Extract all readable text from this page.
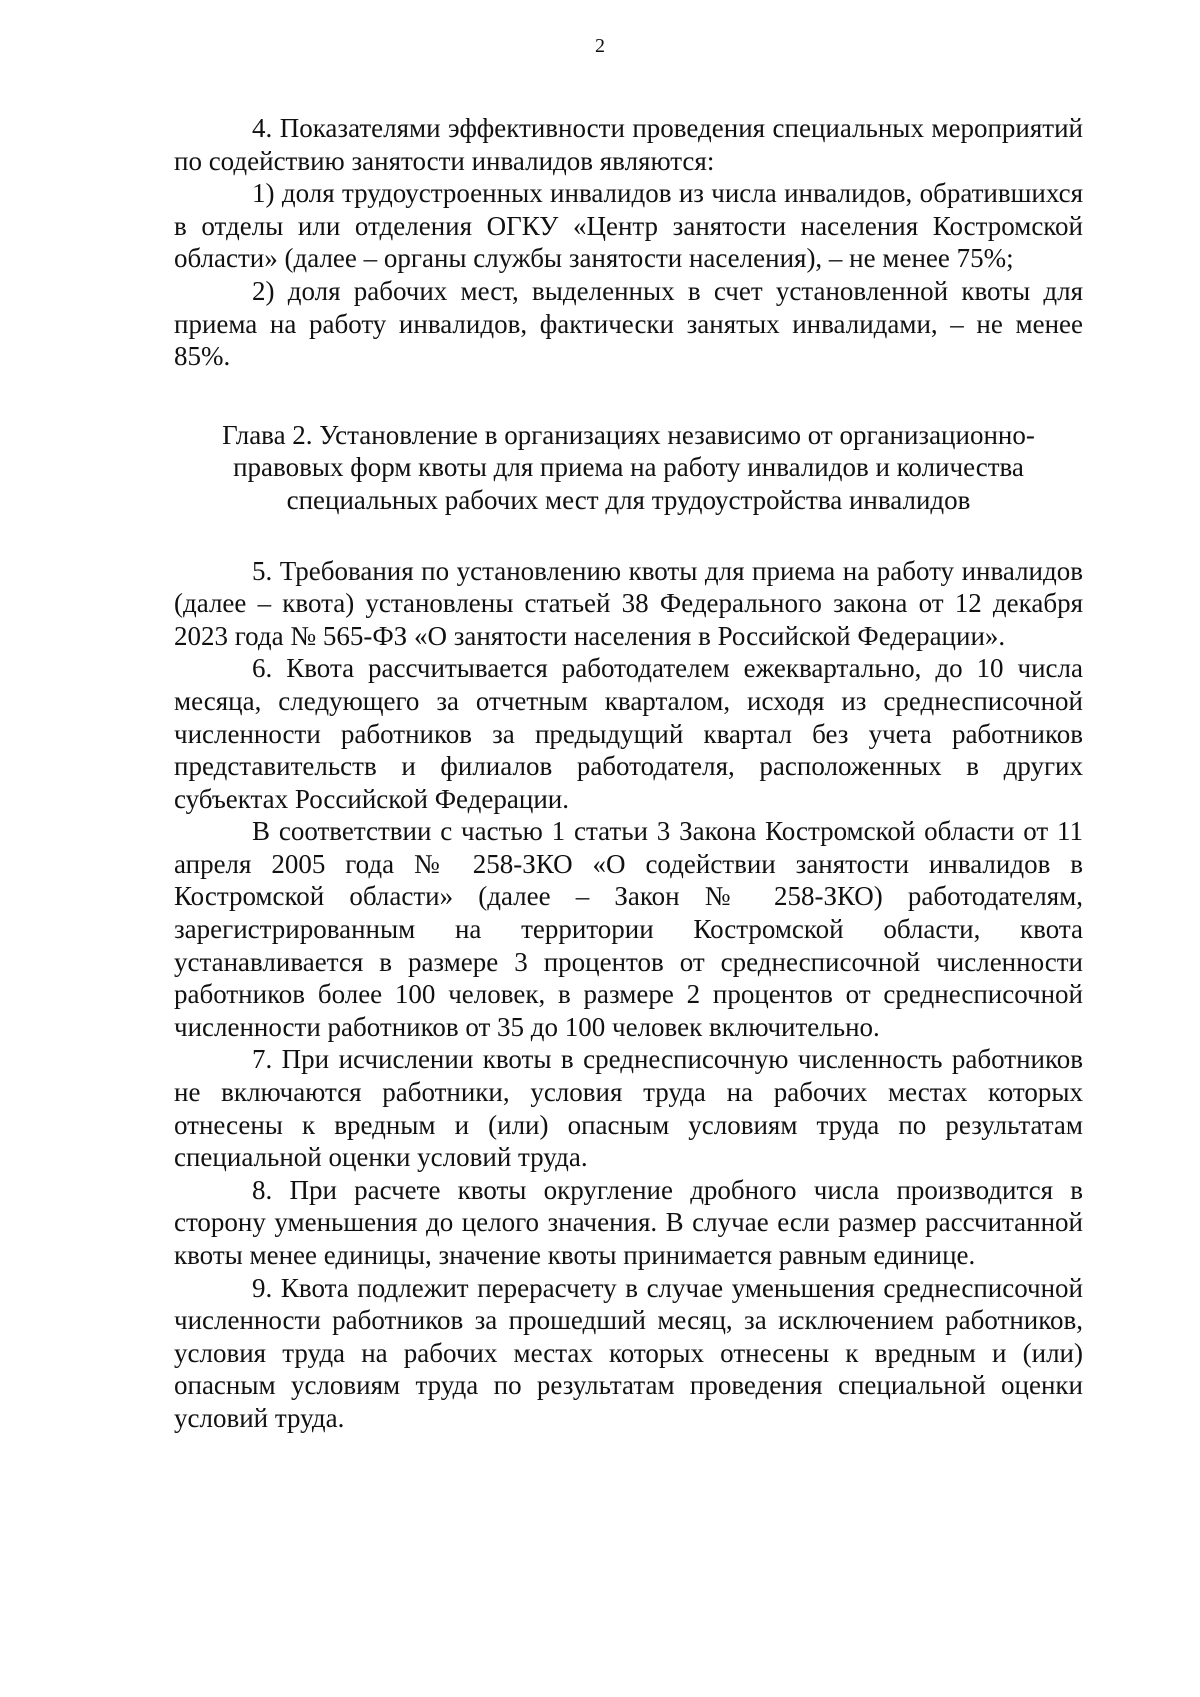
2

4. Показателями эффективности проведения специальных мероприятий по содействию занятости инвалидов являются:

1) доля трудоустроенных инвалидов из числа инвалидов, обратившихся в отделы или отделения ОГКУ «Центр занятости населения Костромской области» (далее – органы службы занятости населения), – не менее 75%;

2) доля рабочих мест, выделенных в счет установленной квоты для приема на работу инвалидов, фактически занятых инвалидами, – не менее 85%.

Глава 2. Установление в организациях независимо от организационно-правовых форм квоты для приема на работу инвалидов и количества специальных рабочих мест для трудоустройства инвалидов

5. Требования по установлению квоты для приема на работу инвалидов (далее – квота) установлены статьей 38 Федерального закона от 12 декабря 2023 года № 565-ФЗ «О занятости населения в Российской Федерации».

6. Квота рассчитывается работодателем ежеквартально, до 10 числа месяца, следующего за отчетным кварталом, исходя из среднесписочной численности работников за предыдущий квартал без учета работников представительств и филиалов работодателя, расположенных в других субъектах Российской Федерации.

В соответствии с частью 1 статьи 3 Закона Костромской области от 11 апреля 2005 года № 258-ЗКО «О содействии занятости инвалидов в Костромской области» (далее – Закон № 258-ЗКО) работодателям, зарегистрированным на территории Костромской области, квота устанавливается в размере 3 процентов от среднесписочной численности работников более 100 человек, в размере 2 процентов от среднесписочной численности работников от 35 до 100 человек включительно.

7. При исчислении квоты в среднесписочную численность работников не включаются работники, условия труда на рабочих местах которых отнесены к вредным и (или) опасным условиям труда по результатам специальной оценки условий труда.

8. При расчете квоты округление дробного числа производится в сторону уменьшения до целого значения. В случае если размер рассчитанной квоты менее единицы, значение квоты принимается равным единице.

9. Квота подлежит перерасчету в случае уменьшения среднесписочной численности работников за прошедший месяц, за исключением работников, условия труда на рабочих местах которых отнесены к вредным и (или) опасным условиям труда по результатам проведения специальной оценки условий труда.
